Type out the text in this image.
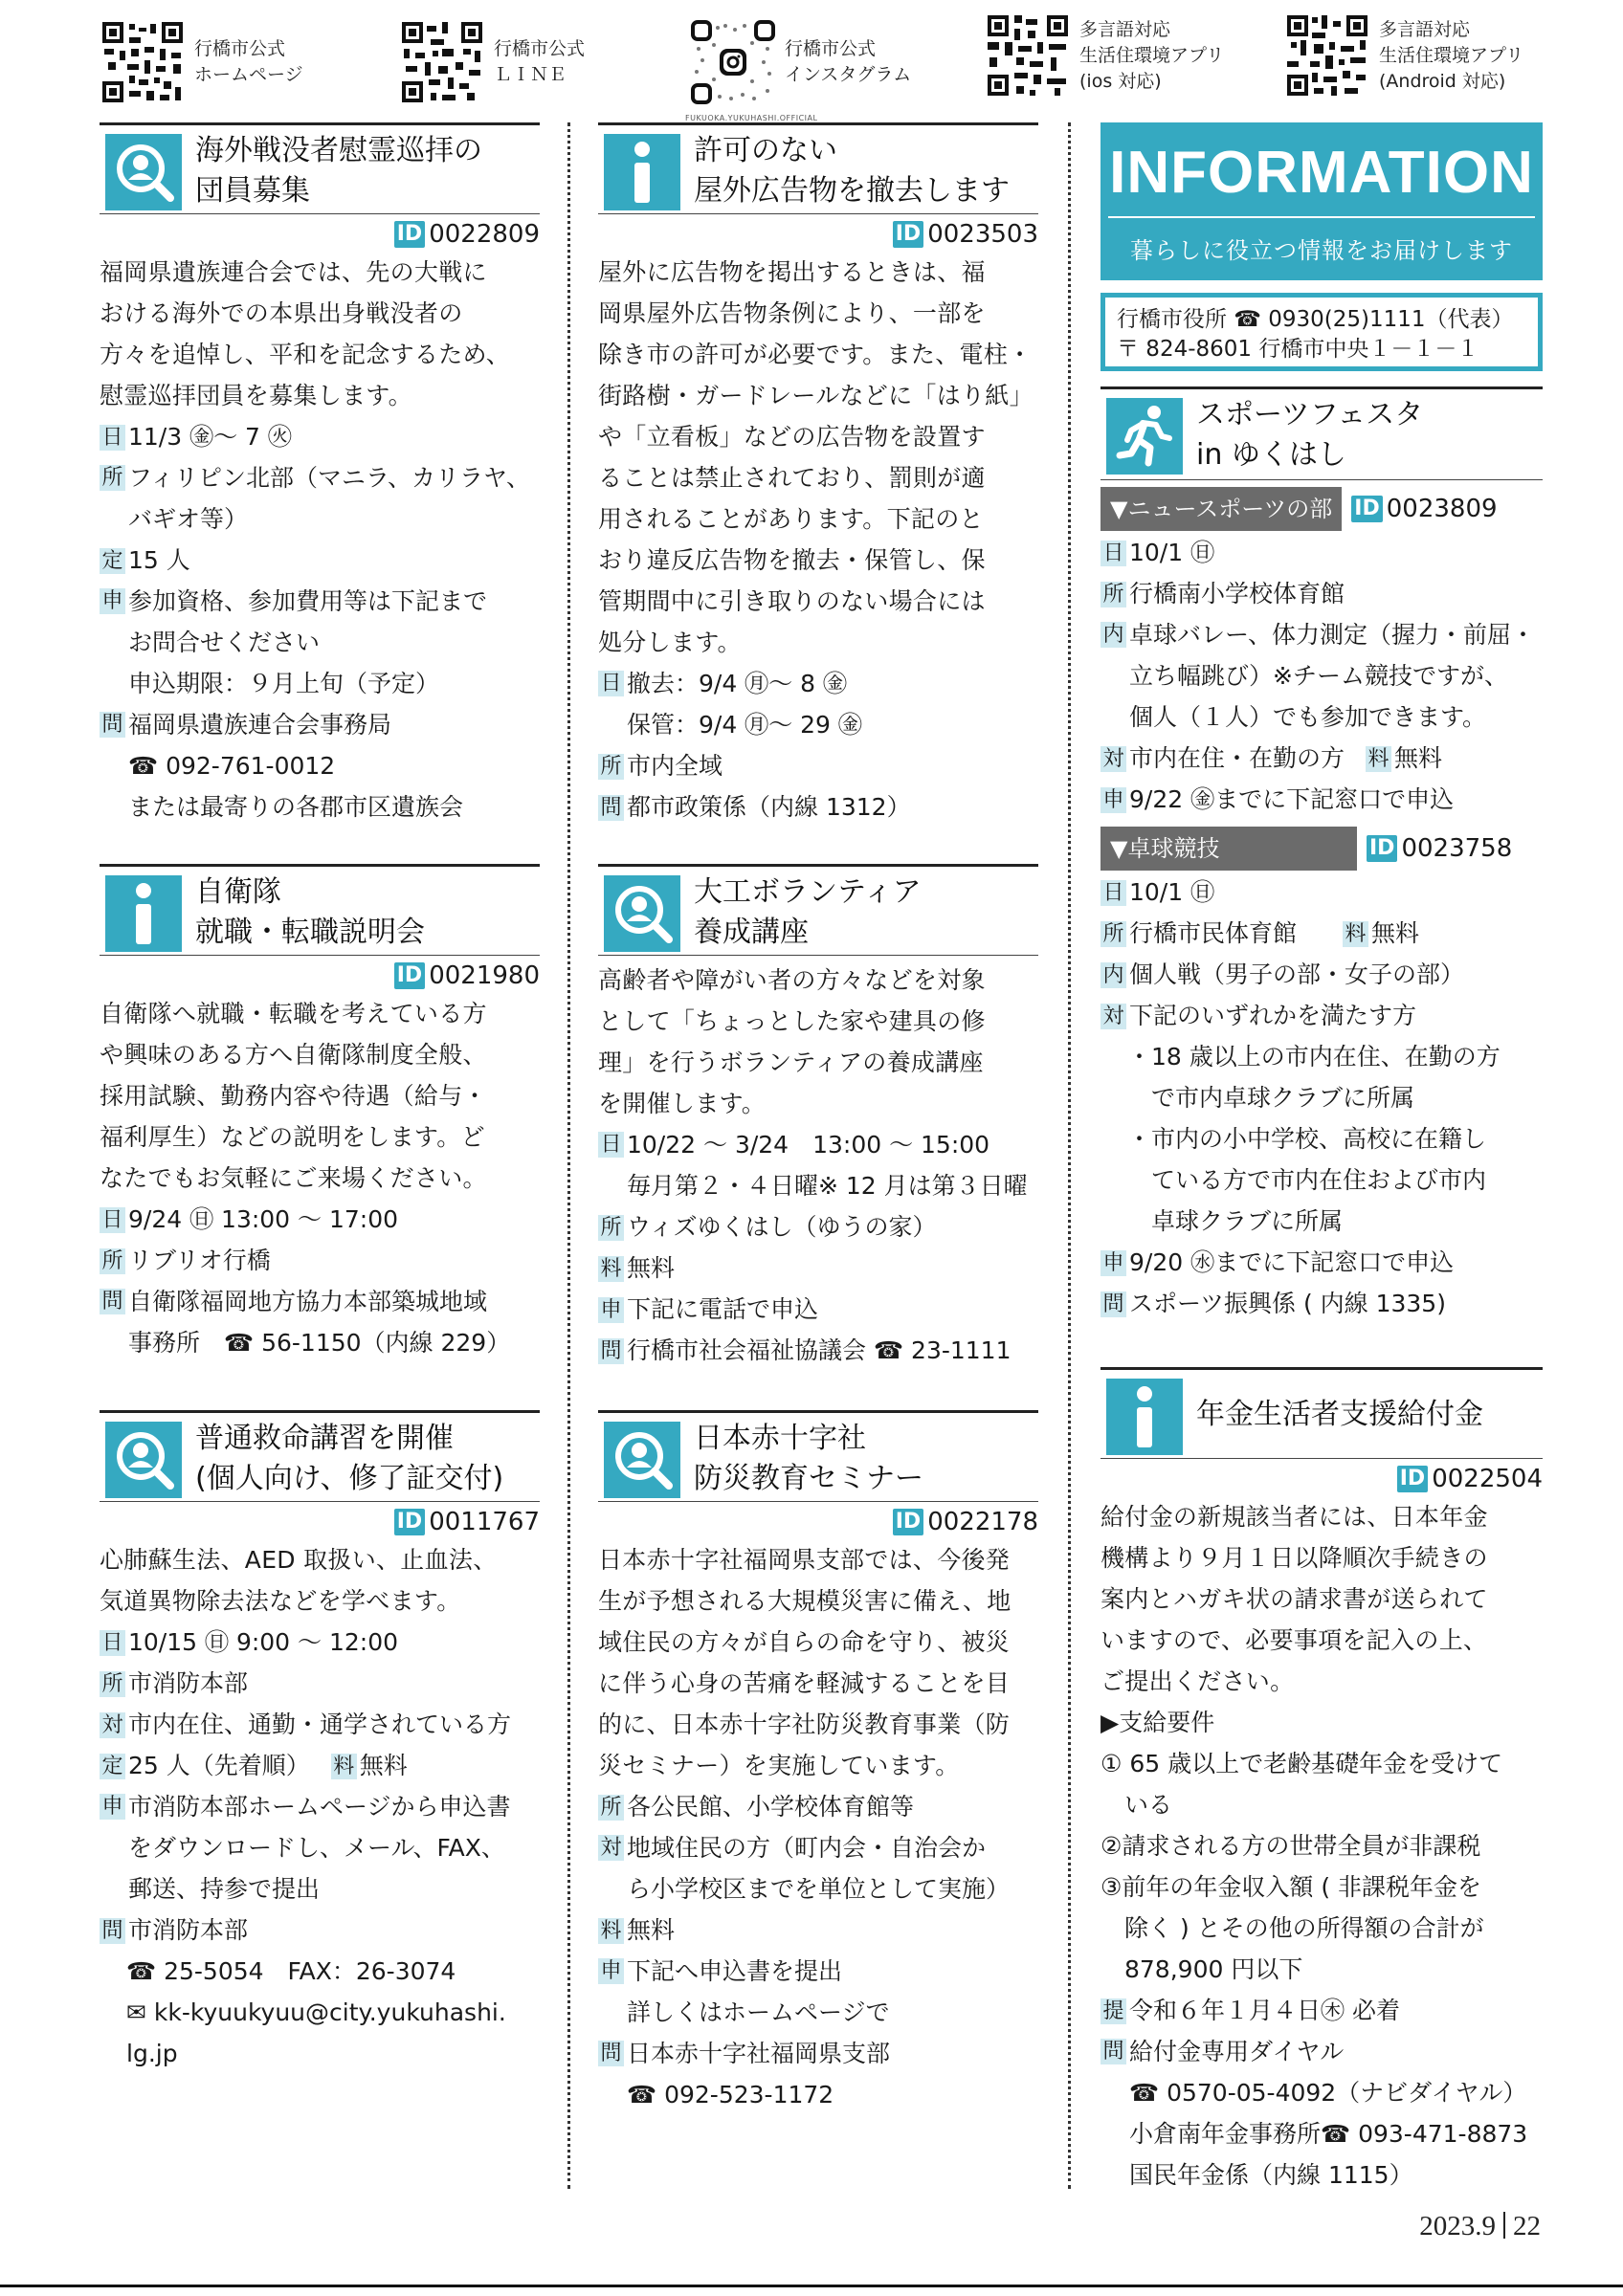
行橋市公式
ホームページ
行橋市公式
ＬＩＮＥ
FUKUOKA.YUKUHASHI.OFFICIAL
行橋市公式
インスタグラム
多言語対応
生活住環境アプリ
(ios 対応)
多言語対応
生活住環境アプリ
(Android 対応)
海外戦没者慰霊巡拝の
団員募集
ID 0022809
福岡県遺族連合会では、先の大戦に
おける海外での本県出身戦没者の
方々を追悼し、平和を記念するため、
慰霊巡拝団員を募集します。
日 11/3 ㊎～ 7 ㊋
所 フィリピン北部（マニラ、カリラヤ、
バギオ等）
定 15 人
申 参加資格、参加費用等は下記まで
お問合せください
申込期限：９月上旬（予定）
問 福岡県遺族連合会事務局
☎ 092-761-0012
または最寄りの各郡市区遺族会
自衛隊
就職・転職説明会
ID 0021980
自衛隊へ就職・転職を考えている方
や興味のある方へ自衛隊制度全般、
採用試験、勤務内容や待遇（給与・
福利厚生）などの説明をします。ど
なたでもお気軽にご来場ください。
日 9/24 ㊐ 13:00 ～ 17:00
所 リブリオ行橋
問 自衛隊福岡地方協力本部築城地域
事務所　☎ 56-1150（内線 229）
普通救命講習を開催
(個人向け、修了証交付)
ID 0011767
心肺蘇生法、AED 取扱い、止血法、
気道異物除去法などを学べます。
日 10/15 ㊐ 9:00 ～ 12:00
所 市消防本部
対 市内在住、通勤・通学されている方
定 25 人（先着順） 料 無料
申 市消防本部ホームページから申込書
をダウンロードし、メール、FAX、
郵送、持参で提出
問 市消防本部
☎ 25-5054　FAX：26-3074
✉ kk-kyuukyuu@city.yukuhashi.
lg.jp
許可のない
屋外広告物を撤去します
ID 0023503
屋外に広告物を掲出するときは、福
岡県屋外広告物条例により、一部を
除き市の許可が必要です。また、電柱・
街路樹・ガードレールなどに「はり紙」
や「立看板」などの広告物を設置す
ることは禁止されており、罰則が適
用されることがあります。下記のと
おり違反広告物を撤去・保管し、保
管期間中に引き取りのない場合には
処分します。
日 撤去：9/4 ㊊～ 8 ㊎
保管：9/4 ㊊～ 29 ㊎
所 市内全域
問 都市政策係（内線 1312）
大工ボランティア
養成講座
高齢者や障がい者の方々などを対象
として「ちょっとした家や建具の修
理」を行うボランティアの養成講座
を開催します。
日 10/22 ～ 3/24　13:00 ～ 15:00
毎月第２・４日曜※ 12 月は第３日曜
所 ウィズゆくはし（ゆうの家）
料 無料
申 下記に電話で申込
問 行橋市社会福祉協議会 ☎ 23-1111
日本赤十字社
防災教育セミナー
ID 0022178
日本赤十字社福岡県支部では、今後発
生が予想される大規模災害に備え、地
域住民の方々が自らの命を守り、被災
に伴う心身の苦痛を軽減することを目
的に、日本赤十字社防災教育事業（防
災セミナー）を実施しています。
所 各公民館、小学校体育館等
対 地域住民の方（町内会・自治会か
ら小学校区までを単位として実施）
料 無料
申 下記へ申込書を提出
詳しくはホームページで
問 日本赤十字社福岡県支部
☎ 092-523-1172
INFORMATION
暮らしに役立つ情報をお届けします
行橋市役所 ☎ 0930(25)1111（代表）
〒 824-8601 行橋市中央１－１－１
スポーツフェスタ
in ゆくはし
▼ニュースポーツの部	ID 0023809
日 10/1 ㊐
所 行橋南小学校体育館
内 卓球バレー、体力測定（握力・前屈・
立ち幅跳び）※チーム競技ですが、
個人（１人）でも参加できます。
対 市内在住・在勤の方 料 無料
申 9/22 ㊎までに下記窓口で申込
▼卓球競技	ID 0023758
日 10/1 ㊐
所 行橋市民体育館 料 無料
内 個人戦（男子の部・女子の部）
対 下記のいずれかを満たす方
・18 歳以上の市内在住、在勤の方
　で市内卓球クラブに所属
・市内の小中学校、高校に在籍し
　ている方で市内在住および市内
　卓球クラブに所属
申 9/20 ㊌までに下記窓口で申込
問 スポーツ振興係 ( 内線 1335)
年金生活者支援給付金
ID 0022504
給付金の新規該当者には、日本年金
機構より９月１日以降順次手続きの
案内とハガキ状の請求書が送られて
いますので、必要事項を記入の上、
ご提出ください。
▶支給要件
① 65 歳以上で老齢基礎年金を受けて
　いる
②請求される方の世帯全員が非課税
③前年の年金収入額 ( 非課税年金を
　除く ) とその他の所得額の合計が
　878,900 円以下
提 令和６年１月４日㊍ 必着
問 給付金専用ダイヤル
☎ 0570-05-4092（ナビダイヤル）
小倉南年金事務所☎ 093-471-8873
国民年金係（内線 1115）
2023.9 22
